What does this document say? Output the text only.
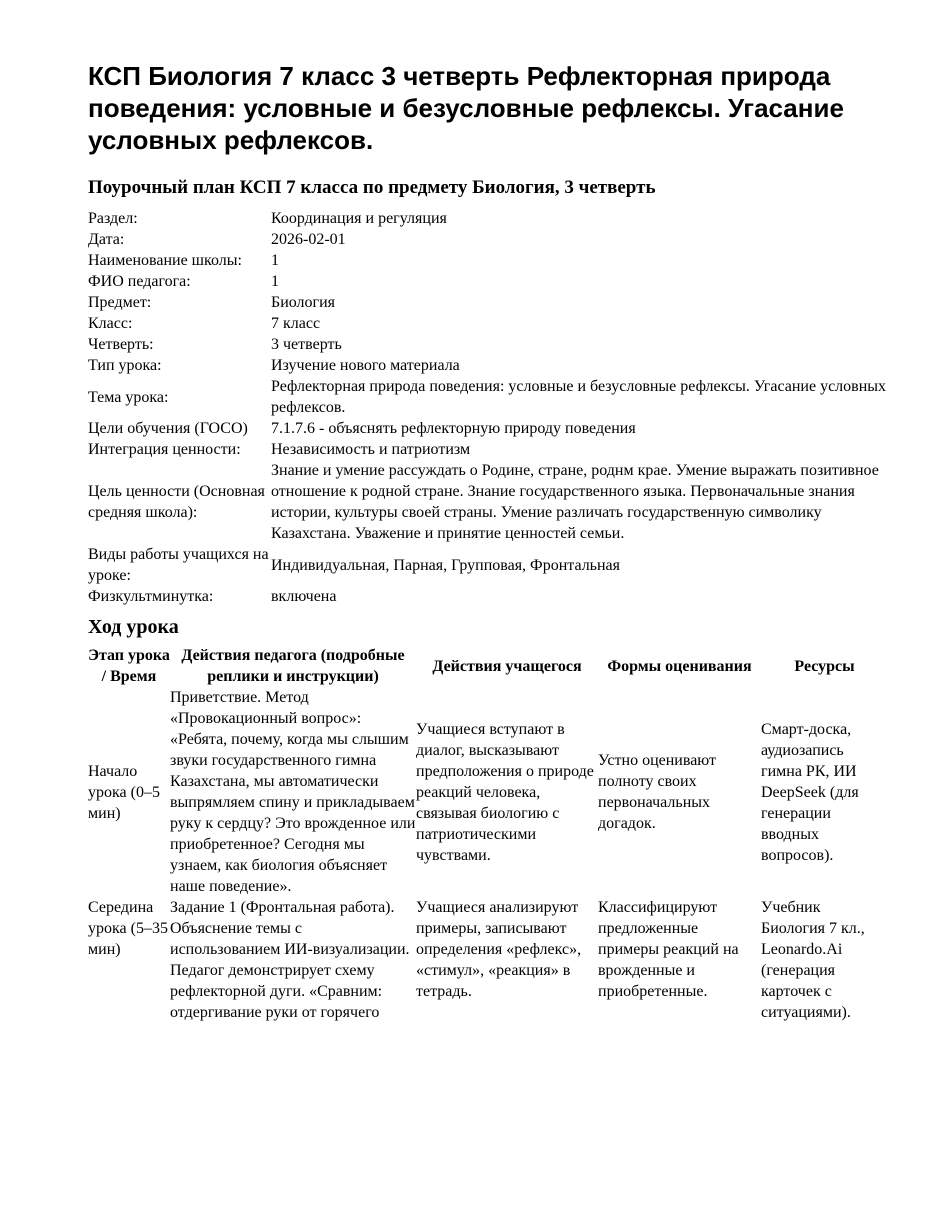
КСП Биология 7 класс 3 четверть Рефлекторная природа поведения: условные и безусловные рефлексы. Угасание условных рефлексов.
Поурочный план КСП 7 класса по предмету Биология, 3 четверть
Раздел:	Координация и регуляция
Дата:	2026-02-01
Наименование школы:	1
ФИО педагога:	1
Предмет:	Биология
Класс:	7 класс
Четверть:	3 четверть
Тип урока:	Изучение нового материала
Тема урока:	Рефлекторная природа поведения: условные и безусловные рефлексы. Угасание условных рефлексов.
Цели обучения (ГОСО)	7.1.7.6 - объяснять рефлекторную природу поведения
Интеграция ценности:	Независимость и патриотизм
Цель ценности (Основная средняя школа):	Знание и умение рассуждать о Родине, стране, роднм крае. Умение выражать позитивное отношение к родной стране. Знание государственного языка. Первоначальные знания истории, культуры своей страны. Умение различать государственную символику Казахстана. Уважение и принятие ценностей семьи.
Виды работы учащихся на уроке:	Индивидуальная, Парная, Групповая, Фронтальная
Физкультминутка:	включена
Ход урока
Этап урока / Время	Действия педагога (подробные реплики и инструкции)	Действия учащегося	Формы оценивания	Ресурсы
Начало урока (0–5 мин)	Приветствие. Метод «Провокационный вопрос»: «Ребята, почему, когда мы слышим звуки государственного гимна Казахстана, мы автоматически выпрямляем спину и прикладываем руку к сердцу? Это врожденное или приобретенное? Сегодня мы узнаем, как биология объясняет наше поведение».	Учащиеся вступают в диалог, высказывают предположения о природе реакций человека, связывая биологию с патриотическими чувствами.	Устно оценивают полноту своих первоначальных догадок.	Смарт-доска, аудиозапись гимна РК, ИИ DeepSeek (для генерации вводных вопросов).
Середина урока (5–35 мин)	Задание 1 (Фронтальная работа). Объяснение темы с использованием ИИ-визуализации. Педагог демонстрирует схему рефлекторной дуги. «Сравним: отдергивание руки от горячего	Учащиеся анализируют примеры, записывают определения «рефлекс», «стимул», «реакция» в тетрадь.	Классифицируют предложенные примеры реакций на врожденные и приобретенные.	Учебник Биология 7 кл., Leonardo.Ai (генерация карточек с ситуациями).
